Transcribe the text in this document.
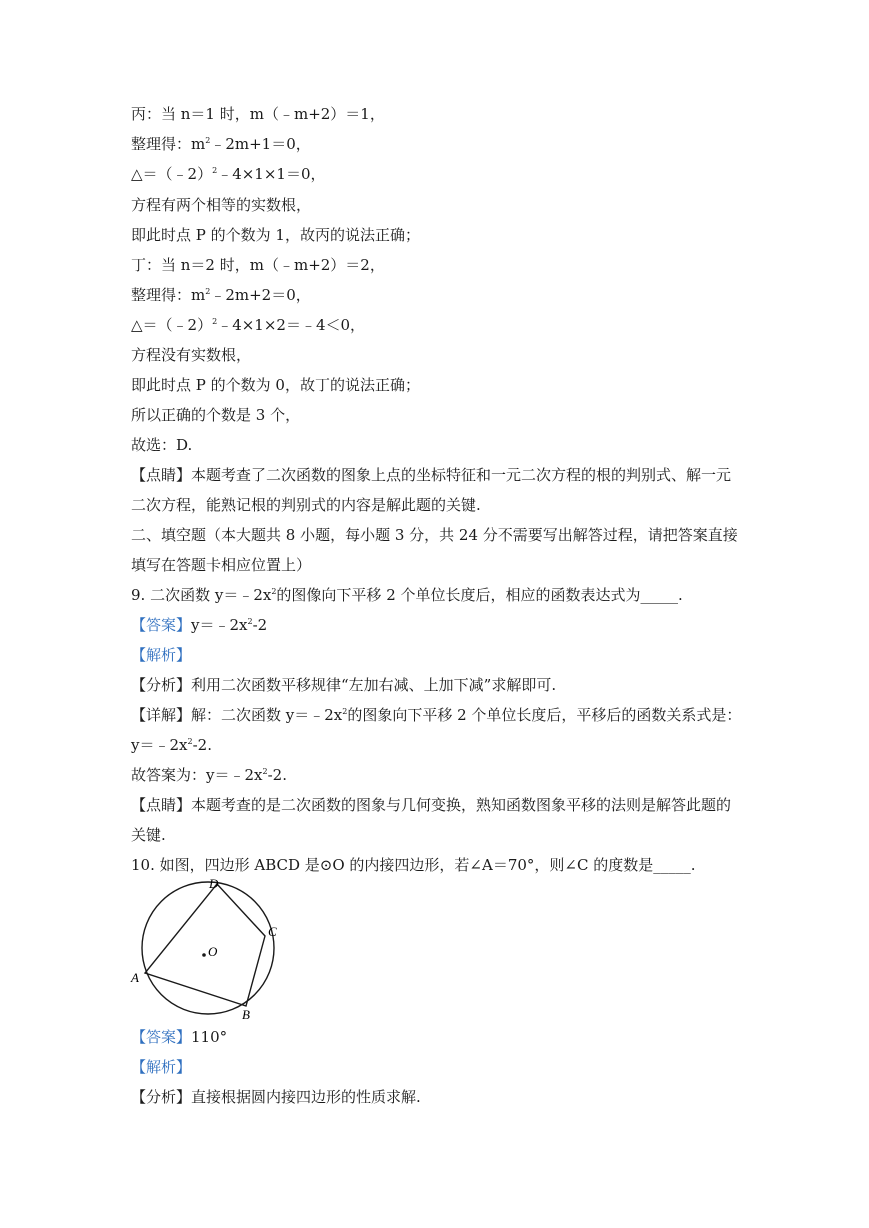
丙：当 n＝1 时，m（﹣m+2）＝1，
整理得：$m^2﹣2m+1=0$，
△＝（﹣2）$^2$﹣4×1×1＝0，
方程有两个相等的实数根，
即此时点 P 的个数为 1，故丙的说法正确；
丁：当 n＝2 时，m（﹣m+2）＝2，
整理得：$m^2﹣2m+2=0$，
△＝（﹣2）$^2$﹣4×1×2＝﹣4＜0，
方程没有实数根，
即此时点 P 的个数为 0，故丁的说法正确；
所以正确的个数是 3 个，
故选：D.
【点睛】本题考查了二次函数的图象上点的坐标特征和一元二次方程的根的判别式、解一元
二次方程，能熟记根的判别式的内容是解此题的关键.
二、填空题（本大题共 8 小题，每小题 3 分，共 24 分不需要写出解答过程，请把答案直接
填写在答题卡相应位置上）
9. 二次函数 $y=﹣2x^2$的图像向下平移 2 个单位长度后，相应的函数表达式为_____.
【答案】$y=﹣2x^2-2$
【解析】
【分析】利用二次函数平移规律“左加右减、上加下减”求解即可.
【详解】解：二次函数 $y=﹣2x^2$的图象向下平移 2 个单位长度后，平移后的函数关系式是：
$y=﹣2x^2-2$.
故答案为：$y=﹣2x^2-2$.
【点睛】本题考查的是二次函数的图象与几何变换，熟知函数图象平移的法则是解答此题的
关键.
10. 如图，四边形 ABCD 是⊙O 的内接四边形，若∠A＝70°，则∠C 的度数是_____.
D
C
O
A
B
【答案】110°
【解析】
【分析】直接根据圆内接四边形的性质求解.
